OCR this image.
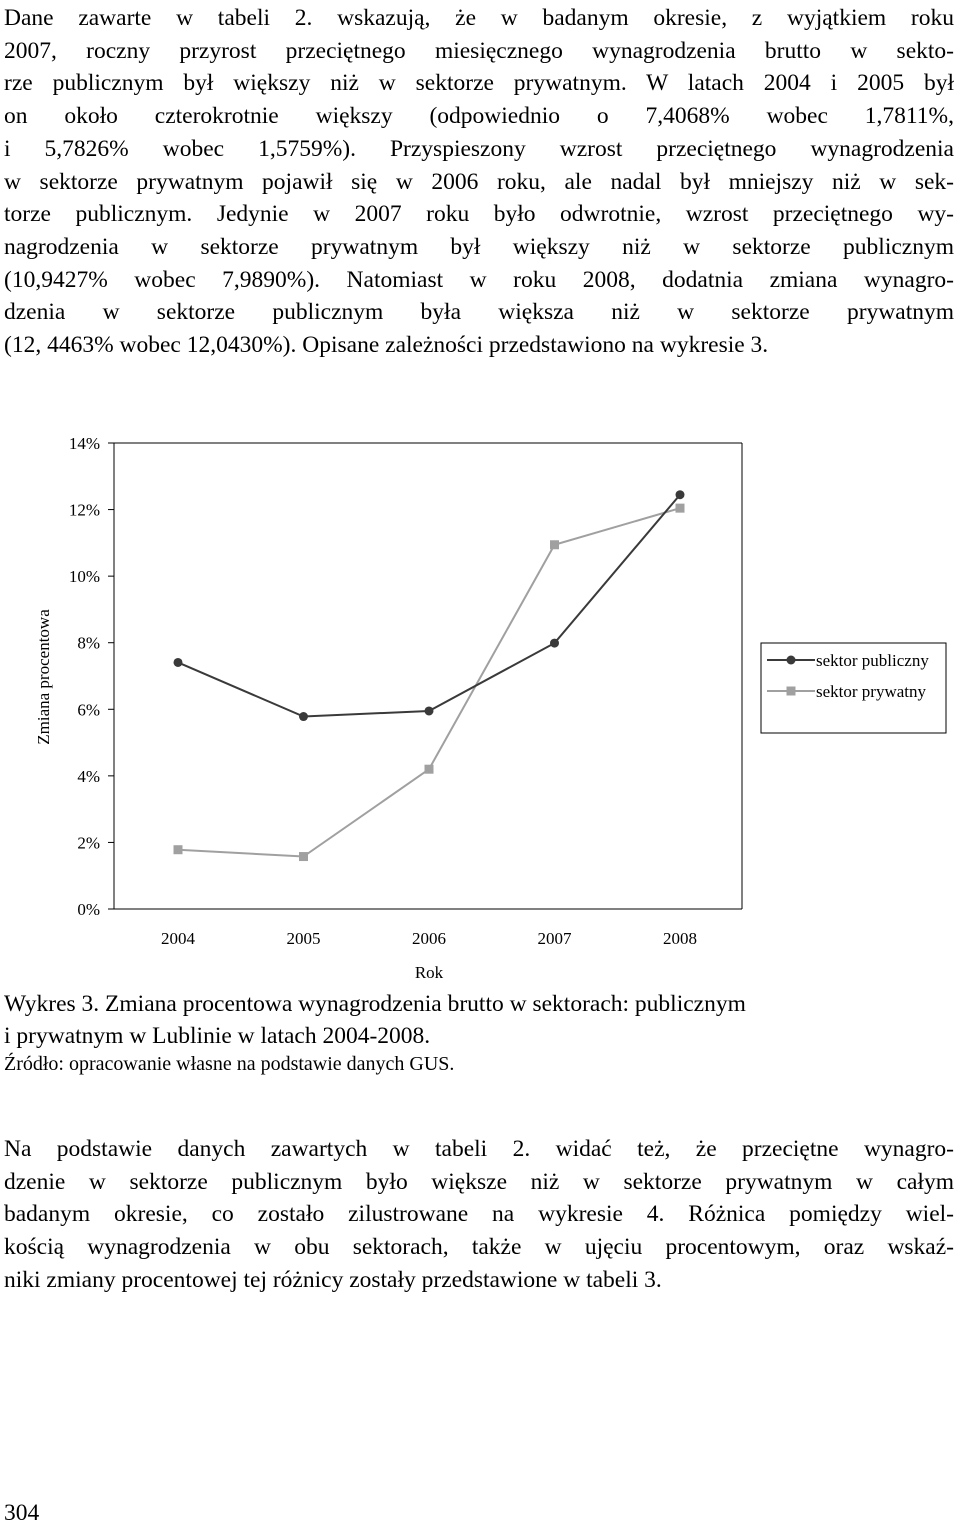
Dane zawarte w tabeli 2. wskazują, że w badanym okresie, z wyjątkiem roku
2007, roczny przyrost przeciętnego miesięcznego wynagrodzenia brutto w sekto-
rze publicznym był większy niż w sektorze prywatnym. W latach 2004 i 2005 był
on około czterokrotnie większy (odpowiednio o 7,4068% wobec 1,7811%,
i 5,7826% wobec 1,5759%). Przyspieszony wzrost przeciętnego wynagrodzenia
w sektorze prywatnym pojawił się w 2006 roku, ale nadal był mniejszy niż w sek-
torze publicznym. Jedynie w 2007 roku było odwrotnie, wzrost przeciętnego wy-
nagrodzenia w sektorze prywatnym był większy niż w sektorze publicznym
(10,9427% wobec 7,9890%). Natomiast w roku 2008, dodatnia zmiana wynagro-
dzenia w sektorze publicznym była większa niż w sektorze prywatnym
(12, 4463% wobec 12,0430%). Opisane zależności przedstawiono na wykresie 3.
0%
2%
4%
6%
8%
10%
12%
14%
Zmiana procentowa
2004	2005	2006	2007	2008
Rok
sektor publiczny
sektor prywatny
Wykres 3. Zmiana procentowa wynagrodzenia brutto w sektorach: publicznym
i prywatnym w Lublinie w latach 2004-2008.
Źródło: opracowanie własne na podstawie danych GUS.
Na podstawie danych zawartych w tabeli 2. widać też, że przeciętne wynagro-
dzenie w sektorze publicznym było większe niż w sektorze prywatnym w całym
badanym okresie, co zostało zilustrowane na wykresie 4. Różnica pomiędzy wiel-
kością wynagrodzenia w obu sektorach, także w ujęciu procentowym, oraz wskaź-
niki zmiany procentowej tej różnicy zostały przedstawione w tabeli 3.
304
